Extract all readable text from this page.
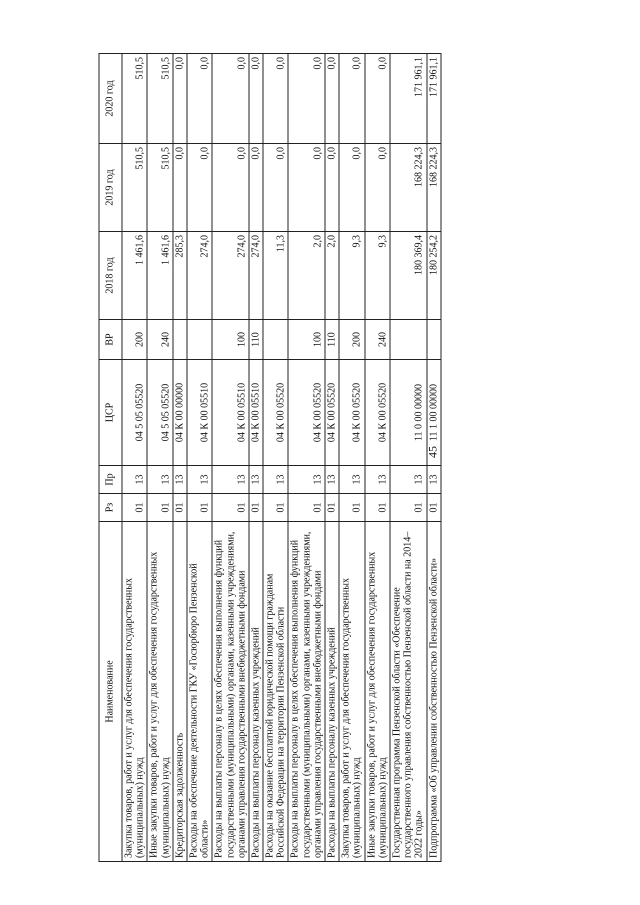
45
Наименование	Рз	Пр	ЦСР	ВР	2018 год	2019 год	2020 год
Закупка товаров, работ и услуг для обеспечения государственных (муниципальных) нужд	01	13	04 5 05 05520	200	1 461,6	510,5	510,5
Иные закупки товаров, работ и услуг для обеспечения государственных (муниципальных) нужд	01	13	04 5 05 05520	240	1 461,6	510,5	510,5
Кредиторская задолженность	01	13	04 К 00 00000		285,3	0,0	0,0
Расходы на обеспечение деятельности ГКУ «Госюрбюро Пензенской области»	01	13	04 К 00 05510		274,0	0,0	0,0
Расходы на выплаты персоналу в целях обеспечения выполнения функций государственными (муниципальными) органами, казенными учреждениями, органами управления государственными внебюджетными фондами	01	13	04 К 00 05510	100	274,0	0,0	0,0
Расходы на выплаты персоналу казенных учреждений	01	13	04 К 00 05510	110	274,0	0,0	0,0
Расходы на оказание бесплатной юридической помощи гражданам Российской Федерации на территории Пензенской области	01	13	04 К 00 05520		11,3	0,0	0,0
Расходы на выплаты персоналу в целях обеспечения выполнения функций государственными (муниципальными) органами, казенными учреждениями, органами управления государственными внебюджетными фондами	01	13	04 К 00 05520	100	2,0	0,0	0,0
Расходы на выплаты персоналу казенных учреждений	01	13	04 К 00 05520	110	2,0	0,0	0,0
Закупка товаров, работ и услуг для обеспечения государственных (муниципальных) нужд	01	13	04 К 00 05520	200	9,3	0,0	0,0
Иные закупки товаров, работ и услуг для обеспечения государственных (муниципальных) нужд	01	13	04 К 00 05520	240	9,3	0,0	0,0
Государственная программа Пензенской области «Обеспечение государственного управления собственностью Пензенской области на 2014–2022 годы»	01	13	11 0 00 00000		180 369,4	168 224,3	171 961,1
Подпрограмма «Об управлении собственностью Пензенской области»	01	13	11 1 00 00000		180 254,2	168 224,3	171 961,1
